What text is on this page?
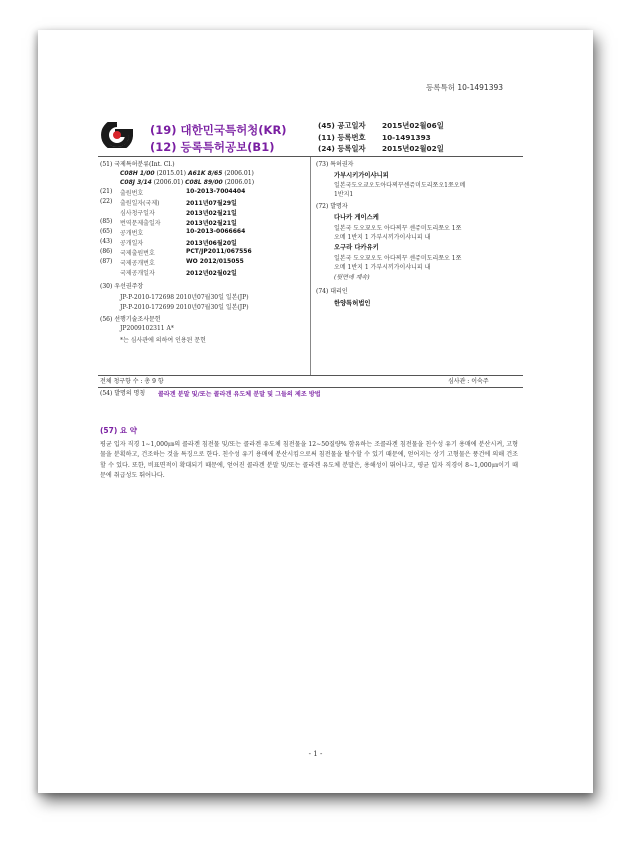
등록특허 10-1491393
(19) 대한민국특허청(KR)
(12) 등록특허공보(B1)
(45) 공고일자 2015년02월06일
(11) 등록번호 10-1491393
(24) 등록일자 2015년02월02일
(51) 국제특허분류(Int. Cl.)
C08H 1/00 (2015.01) A61K 8/65 (2006.01)
C08J 3/14 (2006.01) C08L 89/00 (2006.01)
(21) 출원번호	10-2013-7004404
(22) 출원일자(국제)	2011년07월29일
심사청구일자	2013년02월21일
(85) 번역문제출일자	2013년02월21일
(65) 공개번호	10-2013-0066664
(43) 공개일자	2013년06월20일
(86) 국제출원번호	PCT/JP2011/067556
(87) 국제공개번호	WO 2012/015055
국제공개일자	2012년02월02일
(30) 우선권주장
JP-P-2010-172698 2010년07월30일 일본(JP)
JP-P-2010-172699 2010년07월30일 일본(JP)
(56) 선행기술조사문헌
JP2009102311 A*
*는 심사관에 의하여 인용된 문헌
(73) 특허권자
가부시키가이샤니피
일본국도오쿄오도아다찌꾸센쥬미도리쪼오1쪼오메
1반지1
(72) 발명자
다나카 게이스케
일본국 도오꾜오도 아다찌꾸 센쥬미도리쪼오 1쪼
오메 1반지 1 가부시끼가이샤니피 내
오구라 다카유키
일본국 도오꾜오도 아다찌꾸 센쥬미도리쪼오 1쪼
오메 1반지 1 가부시끼가이샤니피 내
(뒷면에 계속)
(74) 대리인
한양특허법인
전체 청구항 수 : 총 9 항	심사관 : 이숙주
(54) 발명의 명칭 콜라겐 분말 및/또는 콜라겐 유도체 분말 및 그들의 제조 방법
(57) 요 약
평균 입자 직경 1∼1,000㎛의 콜라겐 침전물 및/또는 콜라겐 유도체 침전물을 12∼50질량% 함유하는 조콜라겐 침전물을 친수성 유기 용매에 분산시켜, 고형물을 분획하고, 건조하는 것을 특징으로 한다. 친수성 유기 용매에 분산시킴으로써 침전물을 탈수할 수 있기 때문에, 얻어지는 상기 고형물은 풍건에 의해 건조할 수 있다. 또한, 비표면적이 확대되기 때문에, 얻어진 콜라겐 분말 및/또는 콜라겐 유도체 분말은, 용해성이 뛰어나고, 평균 입자 직경이 8∼1,000㎛이기 때문에 취급성도 뛰어나다.
- 1 -
